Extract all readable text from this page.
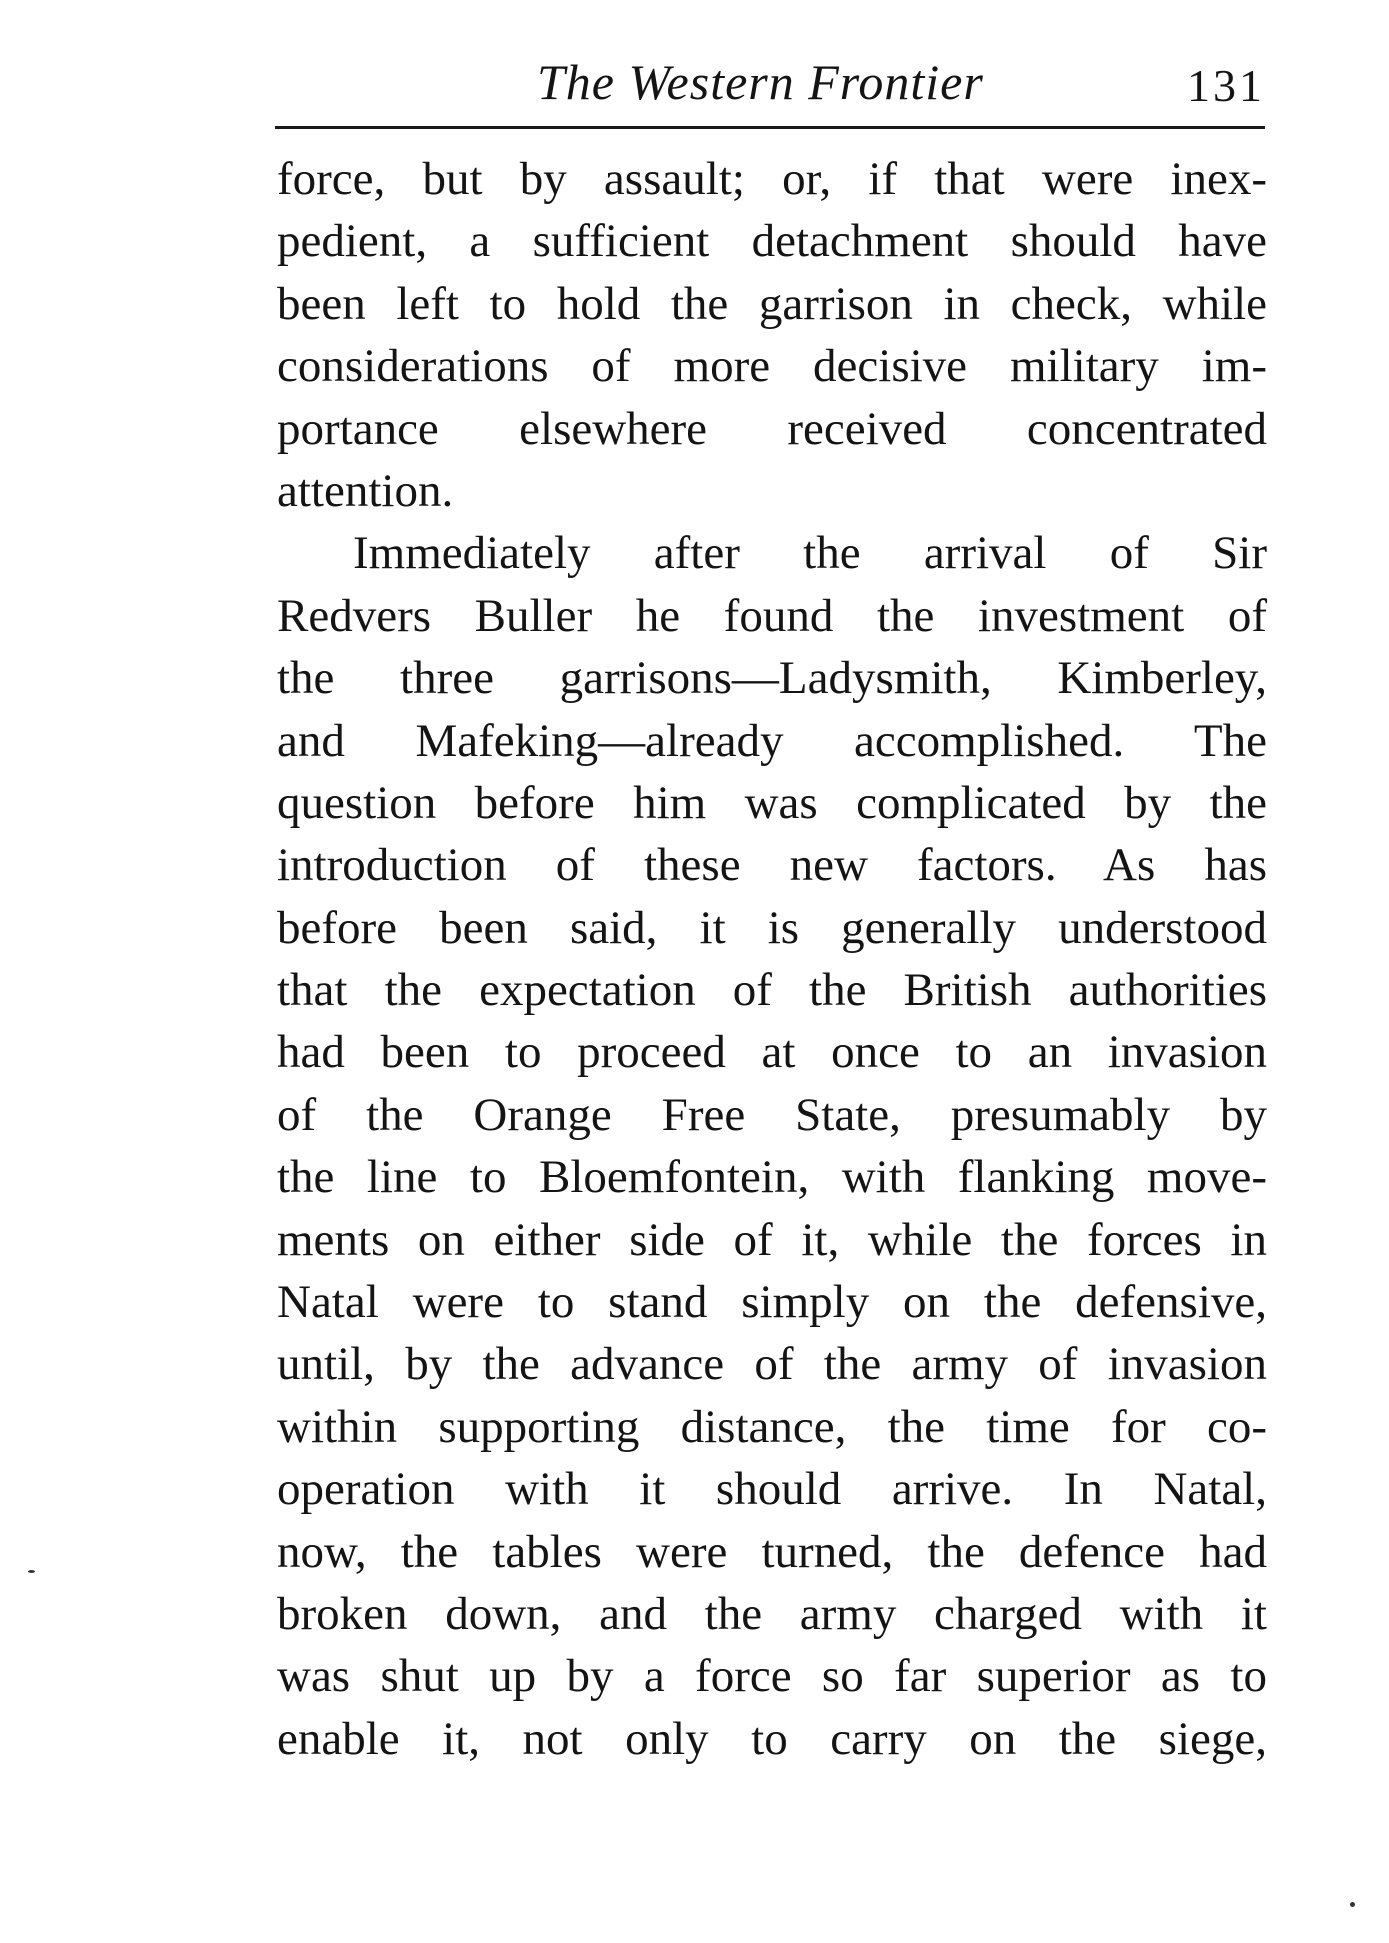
The Western Frontier	131
force, but by assault; or, if that were inex-
pedient, a sufficient detachment should have
been left to hold the garrison in check, while
considerations of more decisive military im-
portance elsewhere received concentrated
attention.
Immediately after the arrival of Sir
Redvers Buller he found the investment of
the three garrisons—Ladysmith, Kimberley,
and Mafeking—already accomplished. The
question before him was complicated by the
introduction of these new factors. As has
before been said, it is generally understood
that the expectation of the British authorities
had been to proceed at once to an invasion
of the Orange Free State, presumably by
the line to Bloemfontein, with flanking move-
ments on either side of it, while the forces in
Natal were to stand simply on the defensive,
until, by the advance of the army of invasion
within supporting distance, the time for co-
operation with it should arrive. In Natal,
now, the tables were turned, the defence had
broken down, and the army charged with it
was shut up by a force so far superior as to
enable it, not only to carry on the siege,
